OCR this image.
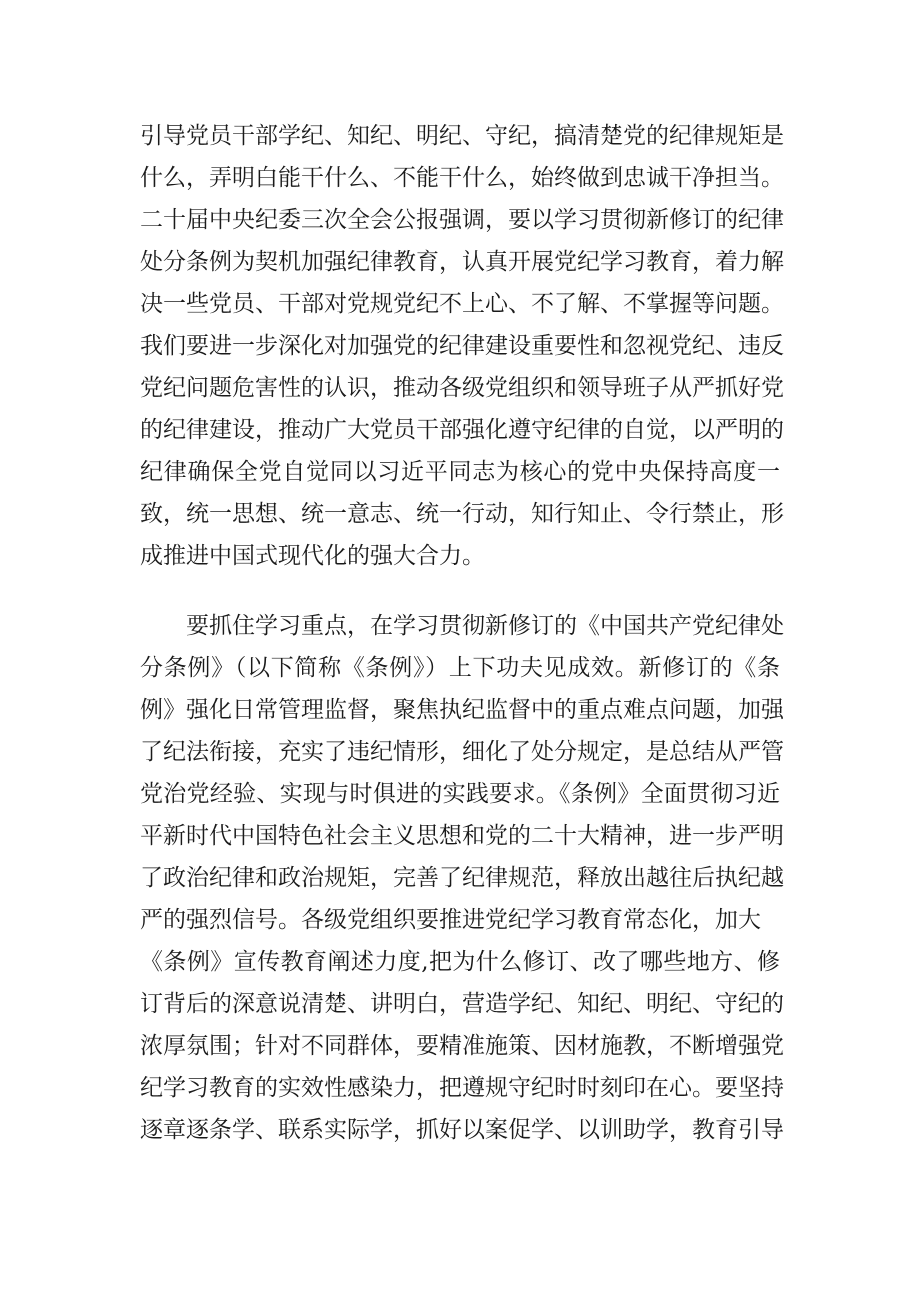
引导党员干部学纪、知纪、明纪、守纪，搞清楚党的纪律规矩是
什么，弄明白能干什么、不能干什么，始终做到忠诚干净担当。
二十届中央纪委三次全会公报强调，要以学习贯彻新修订的纪律
处分条例为契机加强纪律教育，认真开展党纪学习教育，着力解
决一些党员、干部对党规党纪不上心、不了解、不掌握等问题。
我们要进一步深化对加强党的纪律建设重要性和忽视党纪、违反
党纪问题危害性的认识，推动各级党组织和领导班子从严抓好党
的纪律建设，推动广大党员干部强化遵守纪律的自觉，以严明的
纪律确保全党自觉同以习近平同志为核心的党中央保持高度一
致，统一思想、统一意志、统一行动，知行知止、令行禁止，形
成推进中国式现代化的强大合力。
要抓住学习重点，在学习贯彻新修订的《中国共产党纪律处
分条例》（以下简称《条例》）上下功夫见成效。新修订的《条
例》强化日常管理监督，聚焦执纪监督中的重点难点问题，加强
了纪法衔接，充实了违纪情形，细化了处分规定，是总结从严管
党治党经验、实现与时俱进的实践要求。《条例》全面贯彻习近
平新时代中国特色社会主义思想和党的二十大精神，进一步严明
了政治纪律和政治规矩，完善了纪律规范，释放出越往后执纪越
严的强烈信号。各级党组织要推进党纪学习教育常态化，加大
《条例》宣传教育阐述力度,把为什么修订、改了哪些地方、修
订背后的深意说清楚、讲明白，营造学纪、知纪、明纪、守纪的
浓厚氛围；针对不同群体，要精准施策、因材施教，不断增强党
纪学习教育的实效性感染力，把遵规守纪时时刻印在心。要坚持
逐章逐条学、联系实际学，抓好以案促学、以训助学，教育引导
